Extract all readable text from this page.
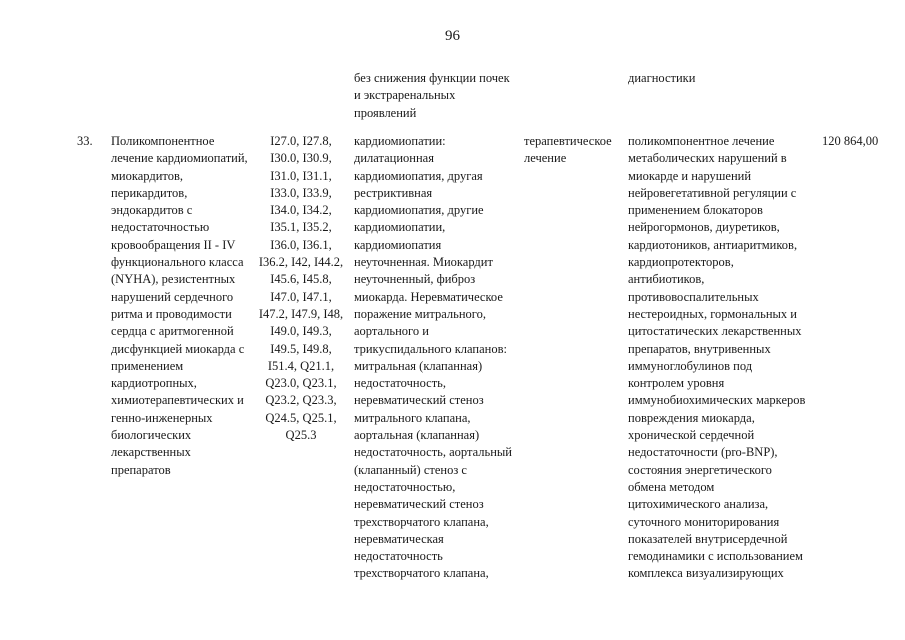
96
без снижения функции почек
и экстраренальных
проявлений
диагностики
33. Поликомпонентное
лечение кардиомиопатий,
миокардитов,
перикардитов,
эндокардитов с
недостаточностью
кровообращения II - IV
функционального класса
(NYHA), резистентных
нарушений сердечного
ритма и проводимости
сердца с аритмогенной
дисфункцией миокарда с
применением
кардиотропных,
химиотерапевтических и
генно-инженерных
биологических
лекарственных
препаратов
I27.0, I27.8,
I30.0, I30.9,
I31.0, I31.1,
I33.0, I33.9,
I34.0, I34.2,
I35.1, I35.2,
I36.0, I36.1,
I36.2, I42, I44.2,
I45.6, I45.8,
I47.0, I47.1,
I47.2, I47.9, I48,
I49.0, I49.3,
I49.5, I49.8,
I51.4, Q21.1,
Q23.0, Q23.1,
Q23.2, Q23.3,
Q24.5, Q25.1,
Q25.3
кардиомиопатии:
дилатационная
кардиомиопатия, другая
рестриктивная
кардиомиопатия, другие
кардиомиопатии,
кардиомиопатия
неуточненная. Миокардит
неуточненный, фиброз
миокарда. Неревматическое
поражение митрального,
аортального и
трикуспидального клапанов:
митральная (клапанная)
недостаточность,
неревматический стеноз
митрального клапана,
аортальная (клапанная)
недостаточность, аортальный
(клапанный) стеноз с
недостаточностью,
неревматический стеноз
трехстворчатого клапана,
неревматическая
недостаточность
трехстворчатого клапана,
терапевтическое
лечение
поликомпонентное лечение
метаболических нарушений в
миокарде и нарушений
нейровегетативной регуляции с
применением блокаторов
нейрогормонов, диуретиков,
кардиотоников, антиаритмиков,
кардиопротекторов,
антибиотиков,
противовоспалительных
нестероидных, гормональных и
цитостатических лекарственных
препаратов, внутривенных
иммуноглобулинов под
контролем уровня
иммунобиохимических маркеров
повреждения миокарда,
хронической сердечной
недостаточности (pro-BNP),
состояния энергетического
обмена методом
цитохимического анализа,
суточного мониторирования
показателей внутрисердечной
гемодинамики с использованием
комплекса визуализирующих
120 864,00
